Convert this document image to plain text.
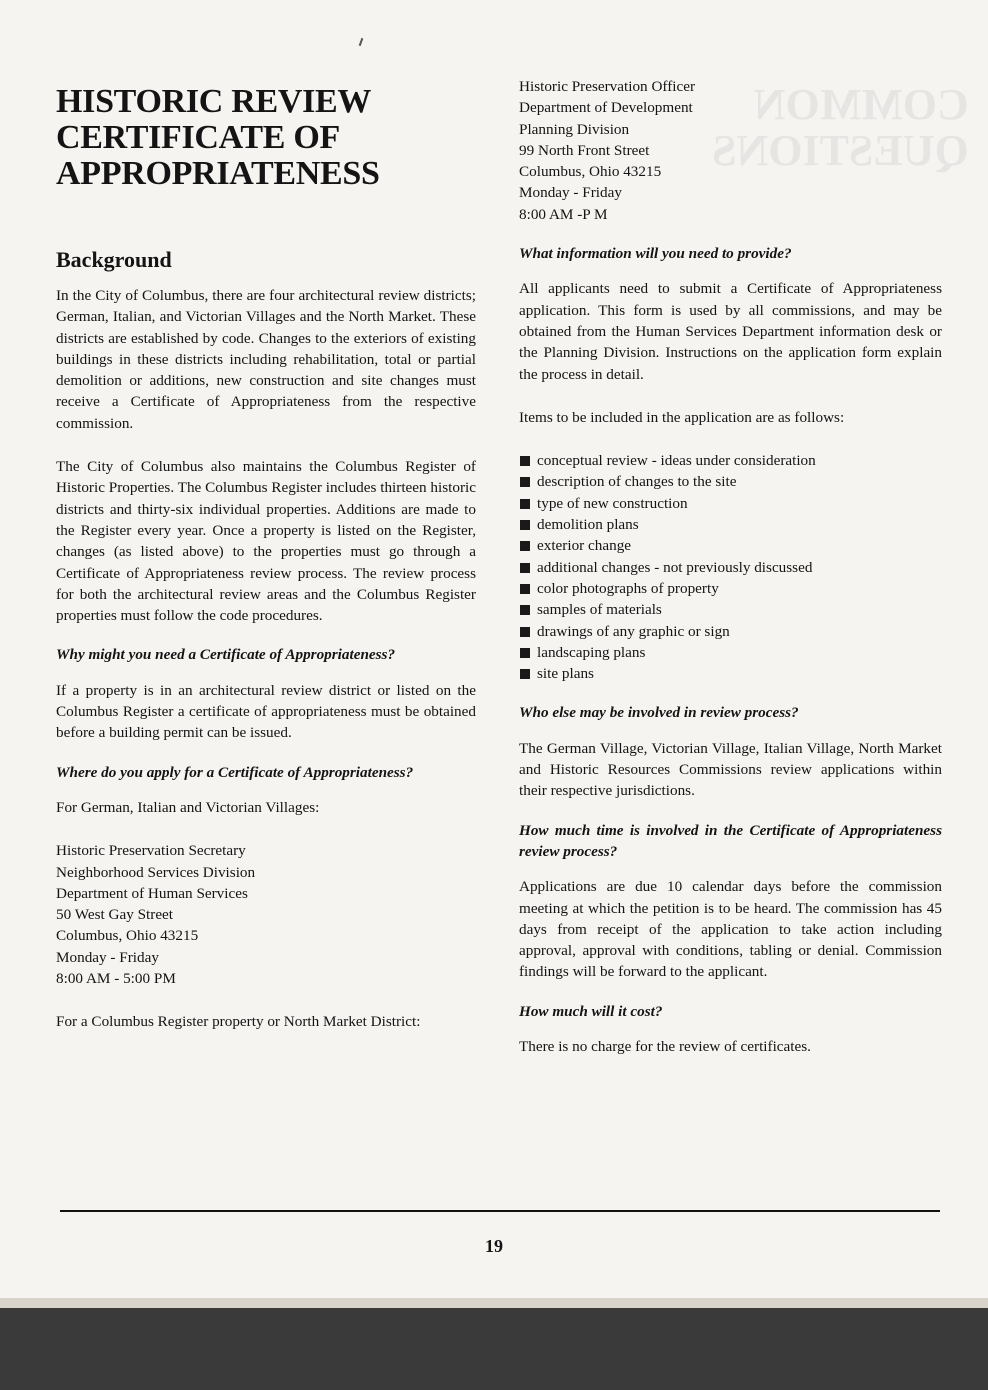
COMMON
QUESTIONS
HISTORIC REVIEW
CERTIFICATE OF
APPROPRIATENESS
Background

In the City of Columbus, there are four architectural review districts; German, Italian, and Victorian Villages and the North Market. These districts are established by code. Changes to the exteriors of existing buildings in these districts including rehabilitation, total or partial demolition or additions, new construction and site changes must receive a Certificate of Appropriateness from the respective commission.

The City of Columbus also maintains the Columbus Register of Historic Properties. The Columbus Register includes thirteen historic districts and thirty-six individual properties. Additions are made to the Register every year. Once a property is listed on the Register, changes (as listed above) to the properties must go through a Certificate of Appropriateness review process. The review process for both the architectural review areas and the Columbus Register properties must follow the code procedures.

Why might you need a Certificate of Appropriateness?

If a property is in an architectural review district or listed on the Columbus Register a certificate of appropriateness must be obtained before a building permit can be issued.

Where do you apply for a Certificate of Appropriateness?

For German, Italian and Victorian Villages:

Historic Preservation Secretary
Neighborhood Services Division
Department of Human Services
50 West Gay Street
Columbus, Ohio 43215
Monday - Friday
8:00 AM - 5:00 PM

For a Columbus Register property or North Market District:

Historic Preservation Officer
Department of Development
Planning Division
99 North Front Street
Columbus, Ohio 43215
Monday - Friday
8:00 AM -P M

What information will you need to provide?

All applicants need to submit a Certificate of Appropriateness application. This form is used by all commissions, and may be obtained from the Human Services Department information desk or the Planning Division. Instructions on the application form explain the process in detail.

Items to be included in the application are as follows:

conceptual review - ideas under consideration
description of changes to the site
type of new construction
demolition plans
exterior change
additional changes - not previously discussed
color photographs of property
samples of materials
drawings of any graphic or sign
landscaping plans
site plans

Who else may be involved in review process?

The German Village, Victorian Village, Italian Village, North Market and Historic Resources Commissions review applications within their respective jurisdictions.

How much time is involved in the Certificate of Appropriateness review process?

Applications are due 10 calendar days before the commission meeting at which the petition is to be heard. The commission has 45 days from receipt of the application to take action including approval, approval with conditions, tabling or denial. Commission findings will be forward to the applicant.

How much will it cost?

There is no charge for the review of certificates.

19
